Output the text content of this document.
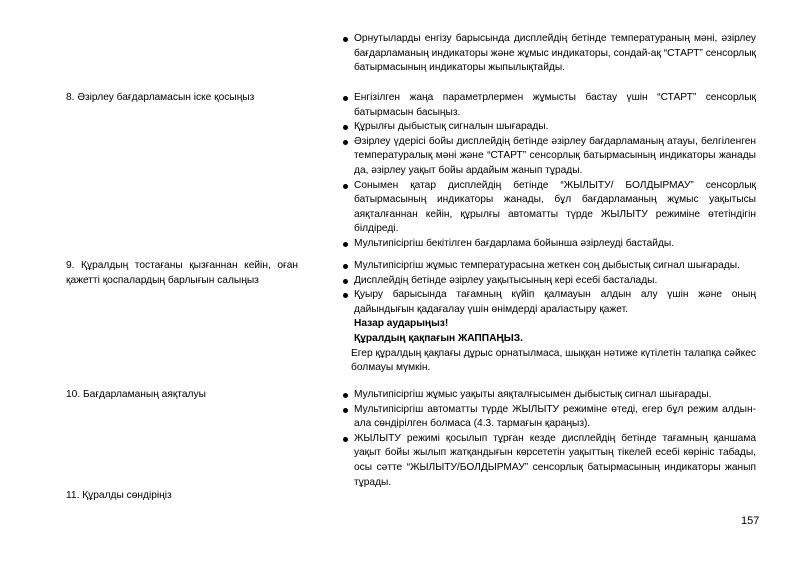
Орнутыларды енгізу барысында дисплейдің бетінде температураның мәні, әзірлеу бағдарламаның индикаторы және жұмыс индикаторы, сондай-ақ “СТАРТ” сенсорлық батырмасының индикаторы жыпылықтайды.
8. Әзірлеу бағдарламасын іске қосыңыз	Енгізілген жаңа параметрлермен жұмысты бастау үшін “СТАРТ” сенсорлық батырмасын басыңыз.
Құрылғы дыбыстық сигналын шығарады.
Әзірлеу үдерісі бойы дисплейдің бетінде әзірлеу бағдарламаның атауы, белгіленген температуралық мәні және “СТАРТ” сенсорлық батырмасының индикаторы жанады да, әзірлеу уақыт бойы ардайым жанып тұрады.
Сонымен қатар дисплейдің бетінде “ЖЫЛЫТУ/ БОЛДЫРМАУ” сенсорлық батырмасының индикаторы жанады, бұл бағдарламаның жұмыс уақытысы аяқталғаннан кейін, құрылғы автоматты түрде ЖЫЛЫТУ режиміне өтетіндігін білдіреді.
Мультипісіргіш бекітілген бағдарлама бойынша әзірлеуді бастайды.
9. Құралдың тостағаны қызғаннан кейін, оған қажетті қоспалардың барлығын салыңыз
Мультипісіргіш жұмыс температурасына жеткен соң дыбыстық сигнал шығарады.
Дисплейдің бетінде әзірлеу уақытысының кері есебі басталады.
Қуыру барысында тағамның күйіп қалмауын алдын алу үшін және оның дайындығын қадағалау үшін өнімдерді араластыру қажет.
Назар аударыңыз!
Құралдың қақпағын ЖАППАҢЫЗ.
Егер құралдың қақпағы дұрыс орнатылмаса, шыққан нәтиже күтілетін талапқа сәйкес болмауы мүмкін.
10. Бағдарламаның аяқталуы	Мультипісіргіш жұмыс уақыты аяқталғысымен дыбыстық сигнал шығарады.
Мультипісіргіш автоматты түрде ЖЫЛЫТУ режиміне өтеді, егер бұл режим алдын-ала сөндірілген болмаса (4.3. тармағын қараңыз).
ЖЫЛЫТУ режимі қосылып тұрған кезде дисплейдің бетінде тағамның қаншама уақыт бойы жылып жатқандығын көрсететін уақыттың тікелей есебі көрініс табады, осы сәтте “ЖЫЛЫТУ/БОЛДЫРМАУ” сенсорлық батырмасының индикаторы жанып тұрады.
11. Құралды сөндіріңіз
157
